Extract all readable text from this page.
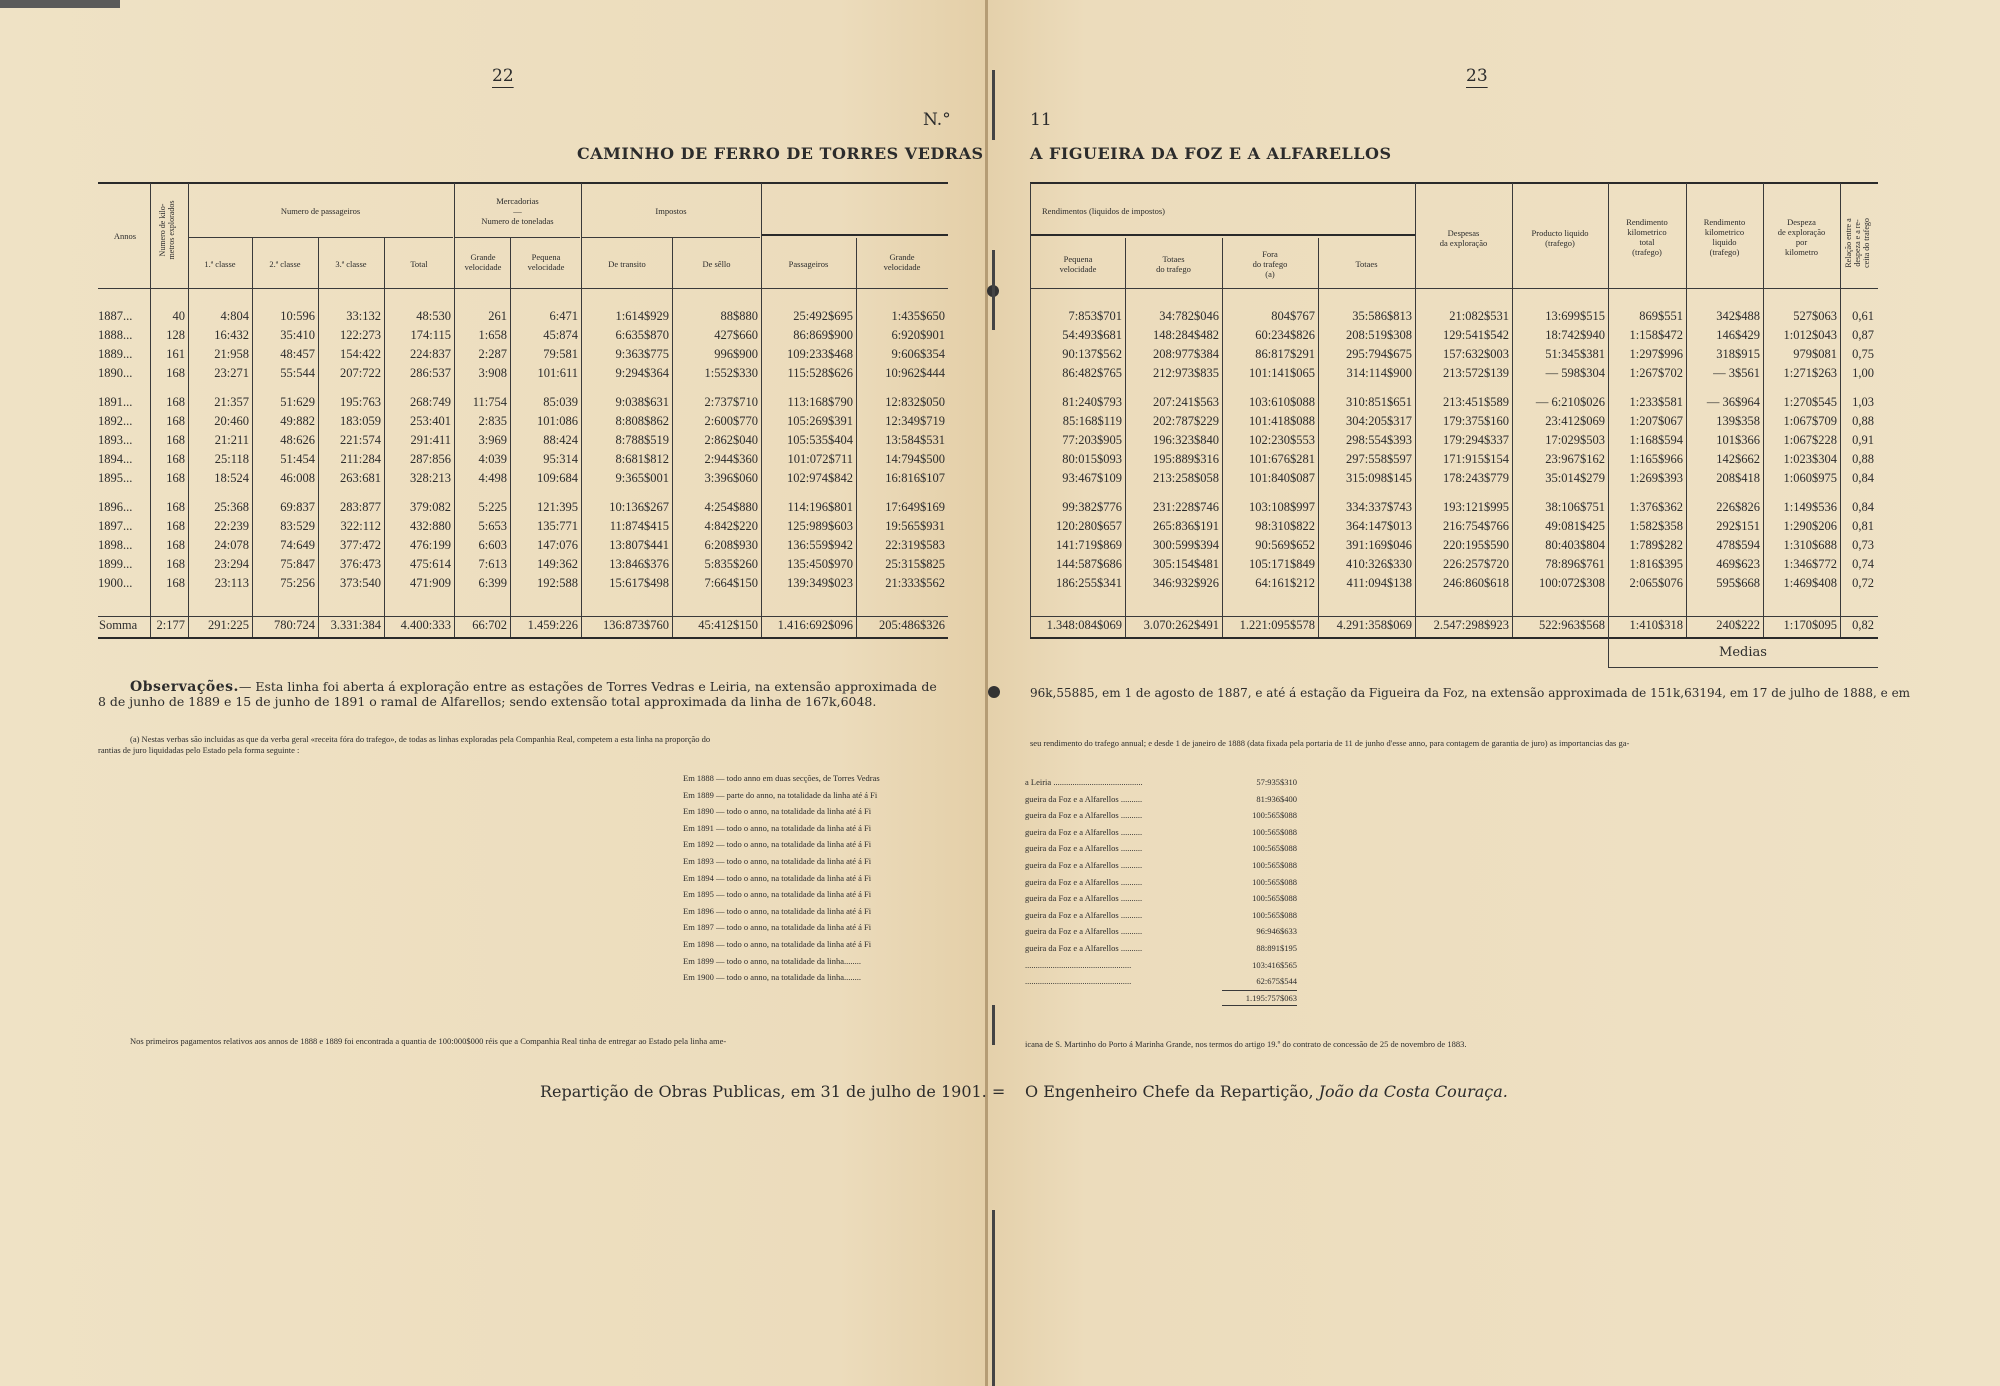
22
N.°
CAMINHO DE FERRO DE TORRES VEDRAS
Annos	Numero de kilo-
metros explorados	Numero de passageiros
1.ª classe	2.ª classe	3.ª classe	Total
Mercadorias
—
Numero de toneladas
Grande
velocidade
Pequena
velocidade
Impostos
De transito	De sêllo	Passageiros
Grande
velocidade
1887...	40	4:804	10:596	33:132	48:530	261	6:471	1:614$929	88$880	25:492$695	1:435$650
1888...	128	16:432	35:410	122:273	174:115	1:658	45:874	6:635$870	427$660	86:869$900	6:920$901
1889...	161	21:958	48:457	154:422	224:837	2:287	79:581	9:363$775	996$900	109:233$468	9:606$354
1890...	168	23:271	55:544	207:722	286:537	3:908	101:611	9:294$364	1:552$330	115:528$626	10:962$444

1891...	168	21:357	51:629	195:763	268:749	11:754	85:039	9:038$631	2:737$710	113:168$790	12:832$050
1892...	168	20:460	49:882	183:059	253:401	2:835	101:086	8:808$862	2:600$770	105:269$391	12:349$719
1893...	168	21:211	48:626	221:574	291:411	3:969	88:424	8:788$519	2:862$040	105:535$404	13:584$531
1894...	168	25:118	51:454	211:284	287:856	4:039	95:314	8:681$812	2:944$360	101:072$711	14:794$500
1895...	168	18:524	46:008	263:681	328:213	4:498	109:684	9:365$001	3:396$060	102:974$842	16:816$107

1896...	168	25:368	69:837	283:877	379:082	5:225	121:395	10:136$267	4:254$880	114:196$801	17:649$169
1897...	168	22:239	83:529	322:112	432:880	5:653	135:771	11:874$415	4:842$220	125:989$603	19:565$931
1898...	168	24:078	74:649	377:472	476:199	6:603	147:076	13:807$441	6:208$930	136:559$942	22:319$583
1899...	168	23:294	75:847	376:473	475:614	7:613	149:362	13:846$376	5:835$260	135:450$970	25:315$825
1900...	168	23:113	75:256	373:540	471:909	6:399	192:588	15:617$498	7:664$150	139:349$023	21:333$562
Somma	2:177	291:225	780:724	3.331:384	4.400:333	66:702	1.459:226	136:873$760	45:412$150	1.416:692$096	205:486$326
Observações.— Esta linha foi aberta á exploração entre as estações de Torres Vedras e Leiria, na extensão approximada de
8 de junho de 1889 e 15 de junho de 1891 o ramal de Alfarellos; sendo extensão total approximada da linha de 167k,6048.
(a) Nestas verbas são incluidas as que da verba geral «receita fóra do trafego», de todas as linhas exploradas pela Companhia Real, competem a esta linha na proporção do
rantias de juro liquidadas pelo Estado pela forma seguinte :
Em 1888 — todo anno em duas secções, de Torres Vedras
Em 1889 — parte do anno, na totalidade da linha até á Fi
Em 1890 — todo o anno, na totalidade da linha até á Fi
Em 1891 — todo o anno, na totalidade da linha até á Fi
Em 1892 — todo o anno, na totalidade da linha até á Fi
Em 1893 — todo o anno, na totalidade da linha até á Fi
Em 1894 — todo o anno, na totalidade da linha até á Fi
Em 1895 — todo o anno, na totalidade da linha até á Fi
Em 1896 — todo o anno, na totalidade da linha até á Fi
Em 1897 — todo o anno, na totalidade da linha até á Fi
Em 1898 — todo o anno, na totalidade da linha até á Fi
Em 1899 — todo o anno, na totalidade da linha........
Em 1900 — todo o anno, na totalidade da linha........
Nos primeiros pagamentos relativos aos annos de 1888 e 1889 foi encontrada a quantia de 100:000$000 réis que a Companhia Real tinha de entregar ao Estado pela linha ame-
Repartição de Obras Publicas, em 31 de julho de 1901. =
23
11
A FIGUEIRA DA FOZ E A ALFARELLOS
Rendimentos (liquidos de impostos)
Pequena
velocidade
Totaes
do trafego
Fora
do trafego
(a)
Totaes
Despesas
da exploração
Producto liquido
(trafego)
Rendimento
kilometrico
total
(trafego)
Rendimento
kilometrico
liquido
(trafego)
Despeza
de exploração
por
kilometro	Relação entre a
despeza e a re-
ceita do trafego
7:853$701	34:782$046	804$767	35:586$813	21:082$531	13:699$515	869$551	342$488	527$063	0,61
54:493$681	148:284$482	60:234$826	208:519$308	129:541$542	18:742$940	1:158$472	146$429	1:012$043	0,87
90:137$562	208:977$384	86:817$291	295:794$675	157:632$003	51:345$381	1:297$996	318$915	979$081	0,75
86:482$765	212:973$835	101:141$065	314:114$900	213:572$139	— 598$304	1:267$702	— 3$561	1:271$263	1,00

81:240$793	207:241$563	103:610$088	310:851$651	213:451$589	— 6:210$026	1:233$581	— 36$964	1:270$545	1,03
85:168$119	202:787$229	101:418$088	304:205$317	179:375$160	23:412$069	1:207$067	139$358	1:067$709	0,88
77:203$905	196:323$840	102:230$553	298:554$393	179:294$337	17:029$503	1:168$594	101$366	1:067$228	0,91
80:015$093	195:889$316	101:676$281	297:558$597	171:915$154	23:967$162	1:165$966	142$662	1:023$304	0,88
93:467$109	213:258$058	101:840$087	315:098$145	178:243$779	35:014$279	1:269$393	208$418	1:060$975	0,84

99:382$776	231:228$746	103:108$997	334:337$743	193:121$995	38:106$751	1:376$362	226$826	1:149$536	0,84
120:280$657	265:836$191	98:310$822	364:147$013	216:754$766	49:081$425	1:582$358	292$151	1:290$206	0,81
141:719$869	300:599$394	90:569$652	391:169$046	220:195$590	80:403$804	1:789$282	478$594	1:310$688	0,73
144:587$686	305:154$481	105:171$849	410:326$330	226:257$720	78:896$761	1:816$395	469$623	1:346$772	0,74
186:255$341	346:932$926	64:161$212	411:094$138	246:860$618	100:072$308	2:065$076	595$668	1:469$408	0,72
1.348:084$069	3.070:262$491	1.221:095$578	4.291:358$069	2.547:298$923	522:963$568	1:410$318	240$222	1:170$095	0,82
Medias
96k,55885, em 1 de agosto de 1887, e até á estação da Figueira da Foz, na extensão approximada de 151k,63194, em 17 de julho de 1888, e em
seu rendimento do trafego annual; e desde 1 de janeiro de 1888 (data fixada pela portaria de 11 de junho d'esse anno, para contagem de garantia de juro) as importancias das ga-
a Leiria ..........................................	57:935$310
gueira da Foz e a Alfarellos ..........	81:936$400
gueira da Foz e a Alfarellos ..........	100:565$088
gueira da Foz e a Alfarellos ..........	100:565$088
gueira da Foz e a Alfarellos ..........	100:565$088
gueira da Foz e a Alfarellos ..........	100:565$088
gueira da Foz e a Alfarellos ..........	100:565$088
gueira da Foz e a Alfarellos ..........	100:565$088
gueira da Foz e a Alfarellos ..........	100:565$088
gueira da Foz e a Alfarellos ..........	96:946$633
gueira da Foz e a Alfarellos ..........	88:891$195
..................................................	103:416$565
..................................................	62:675$544
1.195:757$063
icana de S. Martinho do Porto á Marinha Grande, nos termos do artigo 19.º do contrato de concessão de 25 de novembro de 1883.
O Engenheiro Chefe da Repartição, João da Costa Couraça.
